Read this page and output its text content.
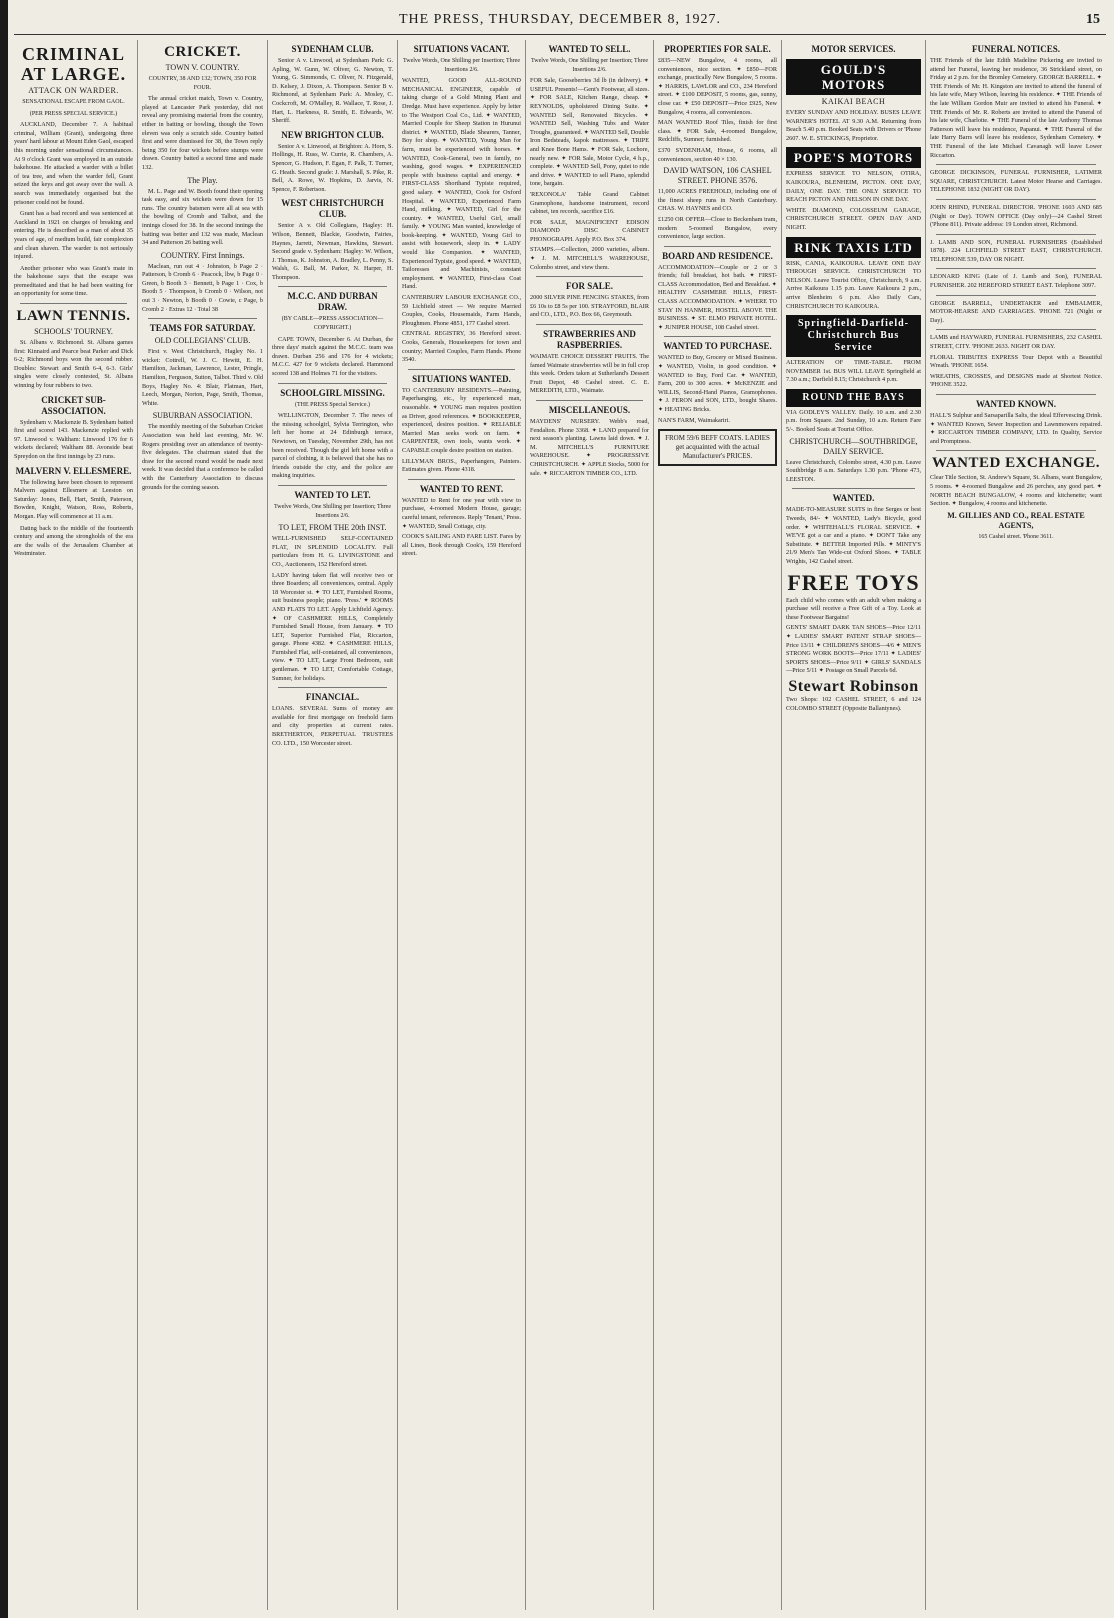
THE PRESS, THURSDAY, DECEMBER 8, 1927.	15
CRIMINAL AT LARGE.
ATTACK ON WARDER.
SENSATIONAL ESCAPE FROM GAOL.
(PER PRESS SPECIAL SERVICE.)

AUCKLAND, December 7. A habitual criminal, William (Grant), undergoing three years' hard labour at Mount Eden Gaol, escaped this morning under sensational circumstances. At 9 o'clock Grant was employed in an outside bakehouse. He attacked a warder with a billet of tea tree, and when the warder fell, Grant seized the keys and got away over the wall. A search was immediately organised but the prisoner could not be found.

Grant has a bad record and was sentenced at Auckland in 1921 on charges of breaking and entering. He is described as a man of about 35 years of age, of medium build, fair complexion and clean shaven. The warder is not seriously injured.

Another prisoner who was Grant's mate in the bakehouse says that the escape was premeditated and that he had been waiting for an opportunity for some time.

LAWN TENNIS.
SCHOOLS' TOURNEY.

St. Albans v. Richmond. St. Albans games first: Kinnaird and Pearce beat Parker and Dick 6-2; Richmond boys won the second rubber. Doubles: Stewart and Smith 6-4, 6-3. Girls' singles were closely contested, St. Albans winning by four rubbers to two.

CRICKET SUB-ASSOCIATION.

Sydenham v. Mackenzie B. Sydenham batted first and scored 143. Mackenzie replied with 97. Linwood v. Waltham: Linwood 176 for 6 wickets declared; Waltham 88. Avonside beat Spreydon on the first innings by 23 runs.

MALVERN V. ELLESMERE.

The following have been chosen to represent Malvern against Ellesmere at Leeston on Saturday: Jones, Bell, Hart, Smith, Paterson, Bowden, Knight, Watson, Ross, Roberts, Morgan. Play will commence at 11 a.m.

Dating back to the middle of the fourteenth century and among the strongholds of the era are the walls of the Jerusalem Chamber at Westminster.

CRICKET.
TOWN V. COUNTRY.
COUNTRY, 38 AND 132; TOWN, 350 FOR FOUR.

The annual cricket match, Town v. Country, played at Lancaster Park yesterday, did not reveal any promising material from the country, either in batting or bowling, though the Town eleven was only a scratch side. Country batted first and were dismissed for 38, the Town reply being 350 for four wickets before stumps were drawn. Country batted a second time and made 132.

The Play.

M. L. Page and W. Booth found their opening task easy, and six wickets were down for 15 runs. The country batsmen were all at sea with the bowling of Cromb and Talbot, and the innings closed for 38. In the second innings the batting was better and 132 was made, Maclean 34 and Patterson 26 batting well.

COUNTRY. First Innings.

Maclean, run out 4 · Johnston, b Page 2 · Patterson, b Cromb 6 · Peacock, lbw, b Page 0 · Green, b Booth 3 · Bennett, b Page 1 · Cox, b Booth 5 · Thompson, b Cromb 0 · Wilson, not out 3 · Newton, b Booth 0 · Cowie, c Page, b Cromb 2 · Extras 12 · Total 38

TEAMS FOR SATURDAY.
OLD COLLEGIANS' CLUB.

First v. West Christchurch, Hagley No. 1 wicket: Cottrell, W. J. C. Hewitt, E. H. Hamilton, Jackman, Lawrence, Lester, Pringle, Hamilton, Ferguson, Sutton, Talbot. Third v. Old Boys, Hagley No. 4: Blair, Flatman, Hart, Leech, Morgan, Norton, Page, Smith, Thomas, White.

SUBURBAN ASSOCIATION.

The monthly meeting of the Suburban Cricket Association was held last evening, Mr. W. Rogers presiding over an attendance of twenty-five delegates. The chairman stated that the draw for the second round would be made next week. It was decided that a conference be called with the Canterbury Association to discuss grounds for the coming season.

SYDENHAM CLUB.

Senior A v. Linwood, at Sydenham Park: G. Apling, W. Gunn, W. Oliver, G. Newton, T. Young, G. Simmonds, C. Oliver, N. Fitzgerald, D. Kelsey, J. Dixon, A. Thompson. Senior B v. Richmond, at Sydenham Park: A. Mosley, C. Cockcroft, M. O'Malley, R. Wallace, T. Rose, J. Hart, L. Harkness, R. Smith, E. Edwards, W. Sheriff.

NEW BRIGHTON CLUB.

Senior A v. Linwood, at Brighton: A. Horn, S. Hollings, H. Russ, W. Currie, R. Chambers, A. Spencer, G. Hudson, F. Egan, F. Palk, T. Turner, G. Heath. Second grade: J. Marshall, S. Pike, R. Bell, A. Rowe, W. Hopkins, D. Jarvis, N. Spence, F. Robertson.

WEST CHRISTCHURCH CLUB.

Senior A v. Old Collegians, Hagley: H. Wilson, Bennett, Blackie, Goodwin, Fairies, Haynes, Jarrett, Newman, Hawkins, Stewart. Second grade v. Sydenham: Hagley: W. Wilson, J. Thomas, K. Johnston, A. Bradley, L. Penny, S. Walsh, G. Ball, M. Parker, N. Harper, H. Thompson.

M.C.C. AND DURBAN DRAW.
(BY CABLE—PRESS ASSOCIATION—COPYRIGHT.)

CAPE TOWN, December 6. At Durban, the three days' match against the M.C.C. team was drawn. Durban 256 and 176 for 4 wickets; M.C.C. 427 for 9 wickets declared. Hammond scored 138 and Holmes 71 for the visitors.

SCHOOLGIRL MISSING.
(THE PRESS Special Service.)

WELLINGTON, December 7. The news of the missing schoolgirl, Sylvia Terrington, who left her home at 24 Edinburgh terrace, Newtown, on Tuesday, November 29th, has not been received. Though the girl left home with a parcel of clothing, it is believed that she has no friends outside the city, and the police are making inquiries.

WANTED TO LET.
Twelve Words, One Shilling per Insertion; Three Insertions 2/6.
TO LET, FROM THE 20th INST.

WELL-FURNISHED SELF-CONTAINED FLAT, IN SPLENDID LOCALITY. Full particulars from H. G. LIVINGSTONE and CO., Auctioneers, 152 Hereford street.

LADY having taken flat will receive two or three Boarders; all conveniences, central. Apply 18 Worcester st. ✦ TO LET, Furnished Rooms, suit business people; piano. 'Press.' ✦ ROOMS AND FLATS TO LET. Apply Lichfield Agency. ✦ OF CASHMERE HILLS, Completely Furnished Small House, from January. ✦ TO LET, Superior Furnished Flat, Riccarton, garage. Phone 4382. ✦ CASHMERE HILLS, Furnished Flat, self-contained, all conveniences, view. ✦ TO LET, Large Front Bedroom, suit gentleman. ✦ TO LET, Comfortable Cottage, Sumner, for holidays.

FINANCIAL.

LOANS. SEVERAL Sums of money are available for first mortgage on freehold farm and city properties at current rates. BRETHERTON, PERPETUAL TRUSTEES CO. LTD., 150 Worcester street.

SITUATIONS VACANT.
Twelve Words, One Shilling per Insertion; Three Insertions 2/6.

WANTED, GOOD ALL-ROUND MECHANICAL ENGINEER, capable of taking charge of a Gold Mining Plant and Dredge. Must have experience. Apply by letter to The Westport Coal Co., Ltd. ✦ WANTED, Married Couple for Sheep Station in Hurunui district. ✦ WANTED, Blade Shearers, Tanner, Boy for shop. ✦ WANTED, Young Man for farm, must be experienced with horses. ✦ WANTED, Cook-General, two in family, no washing, good wages. ✦ EXPERIENCED people with business capital and energy. ✦ FIRST-CLASS Shorthand Typiste required, good salary. ✦ WANTED, Cook for Oxford Hospital. ✦ WANTED, Experienced Farm Hand, milking. ✦ WANTED, Girl for the country. ✦ WANTED, Useful Girl, small family. ✦ YOUNG Man wanted, knowledge of book-keeping. ✦ WANTED, Young Girl to assist with housework, sleep in. ✦ LADY would like Companion. ✦ WANTED, Experienced Typiste, good speed. ✦ WANTED, Tailoresses and Machinists, constant employment. ✦ WANTED, First-class Coat Hand.

CANTERBURY LABOUR EXCHANGE CO., 59 Lichfield street — We require Married Couples, Cooks, Housemaids, Farm Hands, Ploughmen. Phone 4851, 177 Cashel street.

CENTRAL REGISTRY, 36 Hereford street. Cooks, Generals, Housekeepers for town and country; Married Couples, Farm Hands. Phone 3540.

SITUATIONS WANTED.

TO CANTERBURY RESIDENTS.—Painting, Paperhanging, etc., by experienced man, reasonable. ✦ YOUNG man requires position as Driver, good references. ✦ BOOKKEEPER, experienced, desires position. ✦ RELIABLE Married Man seeks work on farm. ✦ CARPENTER, own tools, wants work. ✦ CAPABLE couple desire position on station.

LILLYMAN BROS., Paperhangers, Painters. Estimates given. Phone 4318.

WANTED TO RENT.

WANTED to Rent for one year with view to purchase, 4-roomed Modern House, garage; careful tenant, references. Reply 'Tenant,' Press. ✦ WANTED, Small Cottage, city.

COOK'S SAILING AND FARE LIST. Fares by all Lines, Book through Cook's, 159 Hereford street.

WANTED TO SELL.
Twelve Words, One Shilling per Insertion; Three Insertions 2/6.

FOR Sale, Gooseberries 3d lb (in delivery). ✦ USEFUL Presents!—Gent's Footwear, all sizes. ✦ FOR SALE, Kitchen Range, cheap. ✦ REYNOLDS, upholstered Dining Suite. ✦ WANTED Sell, Renovated Bicycles. ✦ WANTED Sell, Washing Tubs and Water Troughs, guaranteed. ✦ WANTED Sell, Double Iron Bedsteads, kapok mattresses. ✦ TRIPE and Knee Bone Hams. ✦ FOR Sale, Lochore, nearly new. ✦ FOR Sale, Motor Cycle, 4 h.p., complete. ✦ WANTED Sell, Pony, quiet to ride and drive. ✦ WANTED to sell Piano, splendid tone, bargain.

'REXONOLA' Table Grand Cabinet Gramophone, handsome instrument, record cabinet, ten records, sacrifice £16.

FOR SALE, MAGNIFICENT EDISON DIAMOND DISC CABINET PHONOGRAPH. Apply P.O. Box 374.

STAMPS.—Collection, 2000 varieties, album. ✦ J. M. MITCHELL'S WAREHOUSE, Colombo street, and view them.

FOR SALE.

2000 SILVER PINE FENCING STAKES, from £6 10s to £8 5s per 100. STRAYFORD, BLAIR and CO., LTD., P.O. Box 66, Greymouth.

STRAWBERRIES AND RASPBERRIES.

WAIMATE CHOICE DESSERT FRUITS. The famed Waimate strawberries will be in full crop this week. Orders taken at Sutherland's Dessert Fruit Depot, 48 Cashel street. C. E. MEREDITH, LTD., Waimate.

MISCELLANEOUS.

MAYDENS' NURSERY. Webb's road, Fendalton. Phone 3368. ✦ LAND prepared for next season's planting. Lawns laid down. ✦ J. M. MITCHELL'S FURNITURE WAREHOUSE. ✦ PROGRESSIVE CHRISTCHURCH. ✦ APPLE Stocks, 5000 for sale. ✦ RICCARTON TIMBER CO., LTD.

PROPERTIES FOR SALE.

£835—NEW Bungalow, 4 rooms, all conveniences, nice section. ✦ £850—FOR exchange, practically New Bungalow, 5 rooms. ✦ HARRIS, LAWLOR and CO., 234 Hereford street. ✦ £100 DEPOSIT, 5 rooms, gas, sunny, close car. ✦ £50 DEPOSIT—Price £925, New Bungalow, 4 rooms, all conveniences.

MAN WANTED Roof Tiles, finish for first class. ✦ FOR Sale, 4-roomed Bungalow, Redcliffs, Sumner; furnished.

£370 SYDENHAM, House, 6 rooms, all conveniences, section 40 × 130.

DAVID WATSON, 106 CASHEL STREET. PHONE 3576.

11,000 ACRES FREEHOLD, including one of the finest sheep runs in North Canterbury. CHAS. W. HAYNES and CO.

£1250 OR OFFER—Close to Beckenham tram, modern 5-roomed Bungalow, every convenience, large section.

BOARD AND RESIDENCE.

ACCOMMODATION—Couple or 2 or 3 friends; full breakfast, hot bath. ✦ FIRST-CLASS Accommodation, Bed and Breakfast. ✦ HEALTHY CASHMERE HILLS, FIRST-CLASS ACCOMMODATION. ✦ WHERE TO STAY IN HANMER, HOSTEL ABOVE THE BUSINESS. ✦ ST. ELMO PRIVATE HOTEL. ✦ JUNIPER HOUSE, 108 Cashel street.

WANTED TO PURCHASE.

WANTED to Buy, Grocery or Mixed Business. ✦ WANTED, Violin, in good condition. ✦ WANTED to Buy, Ford Car. ✦ WANTED, Farm, 200 to 300 acres. ✦ McKENZIE and WILLIS, Second-Hand Pianos, Gramophones. ✦ J. FERON and SON, LTD., bought Shares. ✦ HEATING Bricks.

NAN'S FARM, Waimakariri.

FROM 59/6 BEFF COATS. LADIES get acquainted with the actual Manufacturer's PRICES.
MOTOR SERVICES.
GOULD'S MOTORS
KAIKAI BEACH

EVERY SUNDAY AND HOLIDAY. BUSES LEAVE WARNER'S HOTEL AT 9.30 A.M. Returning from Beach 5.40 p.m. Booked Seats with Drivers or 'Phone 2607. W. E. STICKINGS, Proprietor.

POPE'S MOTORS

EXPRESS SERVICE TO NELSON, OTIRA, KAIKOURA, BLENHEIM, PICTON. ONE DAY, DAILY, ONE DAY. THE ONLY SERVICE TO REACH PICTON AND NELSON IN ONE DAY.

WHITE DIAMOND, COLOSSEUM GARAGE, CHRISTCHURCH STREET. OPEN DAY AND NIGHT.

RINK TAXIS LTD

RISK, CANIA, KAIKOURA. LEAVE ONE DAY THROUGH SERVICE. CHRISTCHURCH TO NELSON. Leave Tourist Office, Christchurch, 9 a.m. Arrive Kaikoura 1.15 p.m. Leave Kaikoura 2 p.m., arrive Blenheim 6 p.m. Also Daily Cars, CHRISTCHURCH TO KAIKOURA.

Springfield-Darfield-Christchurch Bus Service

ALTERATION OF TIME-TABLE. FROM NOVEMBER 1st. BUS WILL LEAVE Springfield at 7.30 a.m.; Darfield 8.15; Christchurch 4 p.m.

ROUND THE BAYS

VIA GODLEY'S VALLEY. Daily. 10 a.m. and 2.30 p.m. from Square. 2nd Sunday, 10 a.m. Return Fare 5/-. Booked Seats at Tourist Office.

CHRISTCHURCH—SOUTHBRIDGE, DAILY SERVICE.

Leave Christchurch, Colombo street, 4.30 p.m. Leave Southbridge 8 a.m. Saturdays 1.30 p.m. 'Phone 473, LEESTON.

WANTED.

MADE-TO-MEASURE SUITS in fine Serges or best Tweeds, 84/- ✦ WANTED, Lady's Bicycle, good order. ✦ WHITEHALL'S FLORAL SERVICE. ✦ WE'VE got a car and a piano. ✦ DON'T Take any Substitute. ✦ BETTER Imported Pills. ✦ MINTY'S 21/9 Men's Tan Wide-cut Oxford Shoes. ✦ TABLE Wrights, 142 Cashel street.

FREE TOYS

Each child who comes with an adult when making a purchase will receive a Free Gift of a Toy. Look at these Footwear Bargains!

GENTS' SMART DARK TAN SHOES—Price 12/11 ✦ LADIES' SMART PATENT STRAP SHOES—Price 13/11 ✦ CHILDREN'S SHOES—4/6 ✦ MEN'S STRONG WORK BOOTS—Price 17/11 ✦ LADIES' SPORTS SHOES—Price 9/11 ✦ GIRLS' SANDALS—Price 5/11 ✦ Postage on Small Parcels 6d.

Stewart Robinson

Two Shops: 102 CASHEL STREET, 6 and 124 COLOMBO STREET (Opposite Ballantynes).

FUNERAL NOTICES.

THE Friends of the late Edith Madeline Pickering are invited to attend her Funeral, leaving her residence, 36 Strickland street, on Friday at 2 p.m. for the Bromley Cemetery. GEORGE BARRELL. ✦ THE Friends of Mr. H. Kingston are invited to attend the funeral of his late wife, Mary Wilson, leaving his residence. ✦ THE Friends of the late William Gordon Muir are invited to attend his Funeral. ✦ THE Friends of Mr. R. Roberts are invited to attend the Funeral of his late wife, Charlotte. ✦ THE Funeral of the late Anthony Thomas Patterson will leave his residence, Papanui. ✦ THE Funeral of the late Harry Barrs will leave his residence, Sydenham Cemetery. ✦ THE Funeral of the late Michael Cavanagh will leave Lower Riccarton.

GEORGE DICKINSON, FUNERAL FURNISHER, LATIMER SQUARE, CHRISTCHURCH. Latest Motor Hearse and Carriages. TELEPHONE 1832 (NIGHT OR DAY).

JOHN RHIND, FUNERAL DIRECTOR. 'PHONE 1603 AND 685 (Night or Day). TOWN OFFICE (Day only)—24 Cashel Street ('Phone 811). Private address: 19 London street, Richmond.

J. LAMB AND SON, FUNERAL FURNISHERS (Established 1878). 224 LICHFIELD STREET EAST, CHRISTCHURCH. TELEPHONE 539, DAY OR NIGHT.

LEONARD KING (Late of J. Lamb and Son), FUNERAL FURNISHER. 202 HEREFORD STREET EAST. Telephone 3097.

GEORGE BARRELL, UNDERTAKER and EMBALMER, MOTOR-HEARSE AND CARRIAGES. 'PHONE 721 (Night or Day).

LAMB and HAYWARD, FUNERAL FURNISHERS, 232 CASHEL STREET, CITY. 'PHONE 2633. NIGHT OR DAY.

FLORAL TRIBUTES EXPRESS Tour Depot with a Beautiful Wreath. 'PHONE 1654.

WREATHS, CROSSES, and DESIGNS made at Shortest Notice. 'PHONE 3522.

WANTED KNOWN.

HALL'S Sulphur and Sarsaparilla Salts, the ideal Effervescing Drink. ✦ WANTED Known, Sewer Inspection and Lawnmowers repaired. ✦ RICCARTON TIMBER COMPANY, LTD. In Quality, Service and Promptness.

WANTED EXCHANGE.

Clear Title Section, St. Andrew's Square, St. Albans, want Bungalow, 5 rooms. ✦ 4-roomed Bungalow and 26 perches, any good part. ✦ NORTH BEACH BUNGALOW, 4 rooms and kitchenette; want Section. ✦ Bungalow, 4 rooms and kitchenette.

M. GILLIES AND CO., REAL ESTATE AGENTS,
165 Cashel street. 'Phone 3611.
